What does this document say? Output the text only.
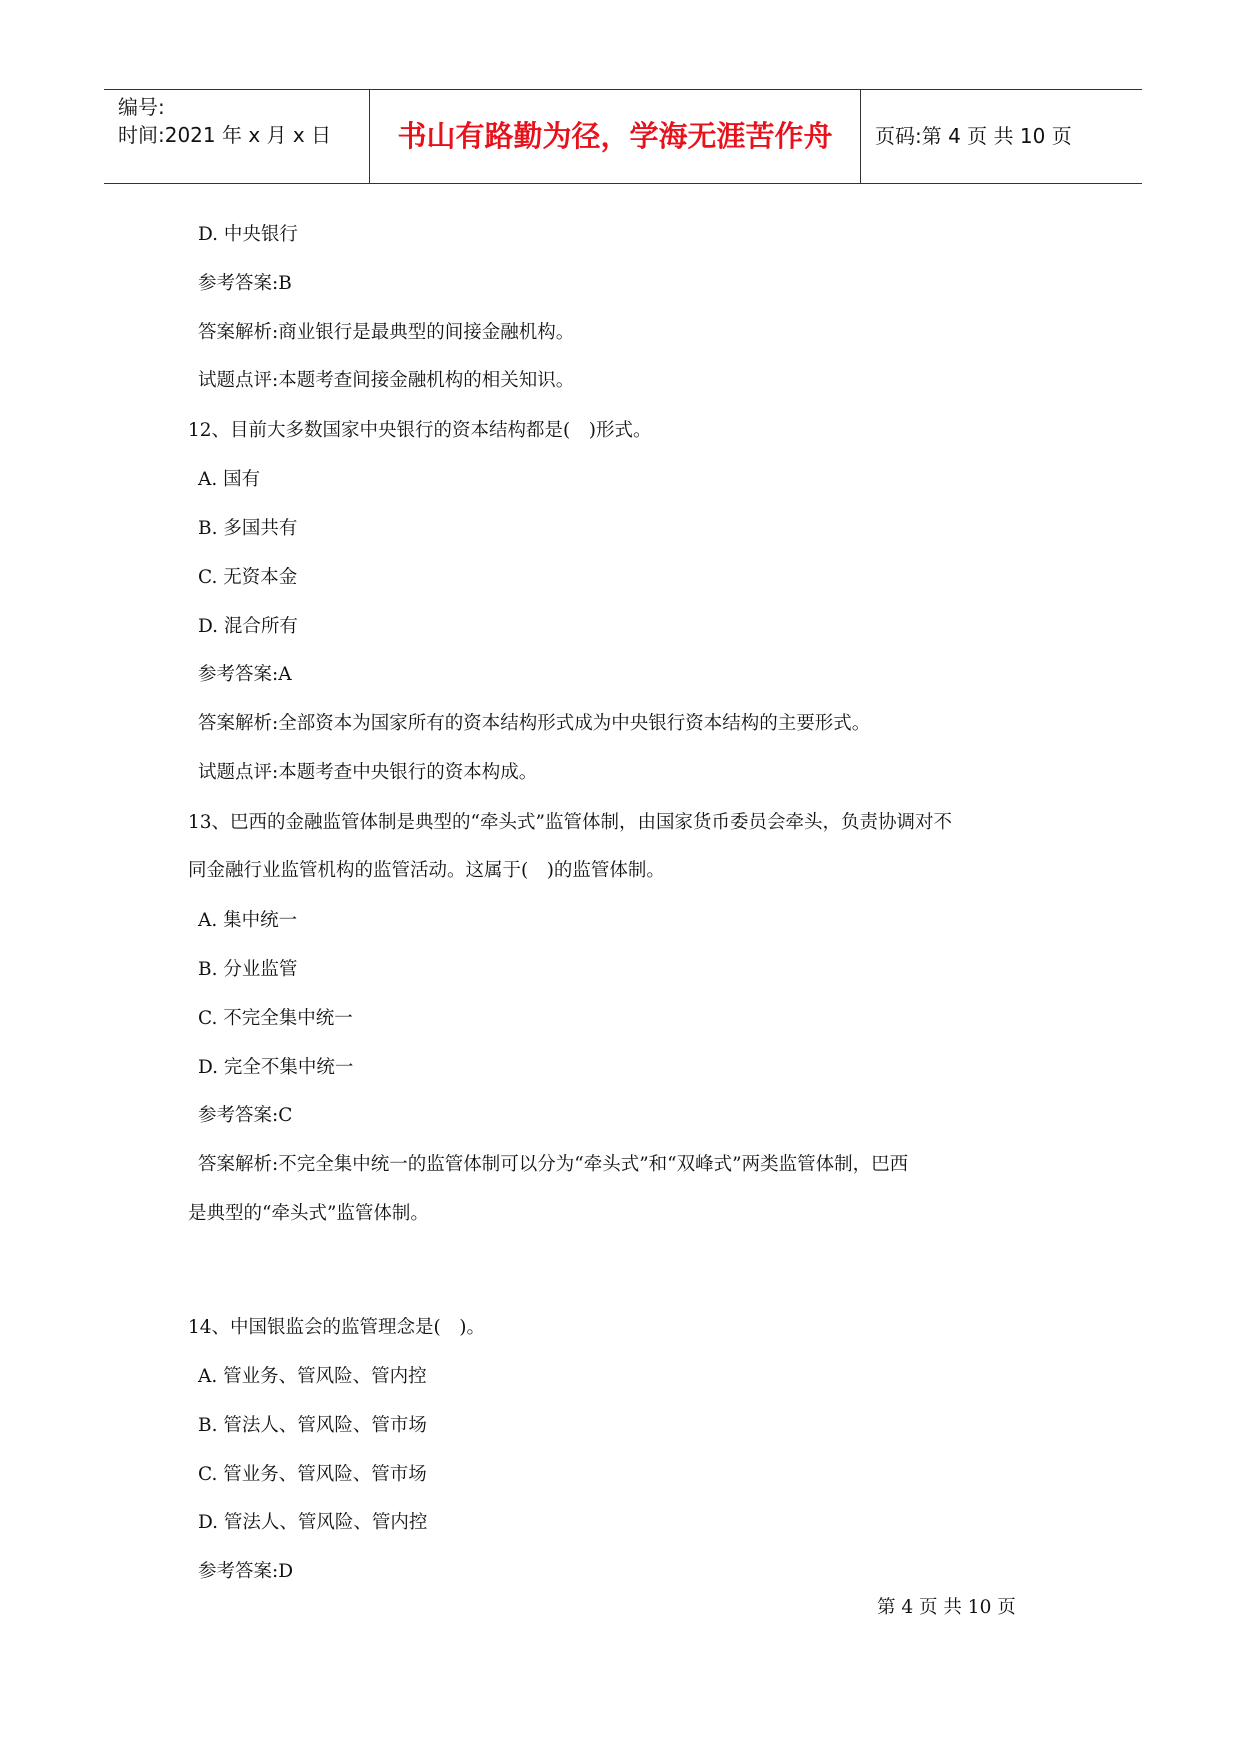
编号:
时间:2021 年 x 月 x 日	书山有路勤为径，学海无涯苦作舟	页码:第 4 页 共 10 页
D. 中央银行
参考答案:B
答案解析:商业银行是最典型的间接金融机构。
试题点评:本题考查间接金融机构的相关知识。
12、目前大多数国家中央银行的资本结构都是(　)形式。
A. 国有
B. 多国共有
C. 无资本金
D. 混合所有
参考答案:A
答案解析:全部资本为国家所有的资本结构形式成为中央银行资本结构的主要形式。
试题点评:本题考查中央银行的资本构成。
13、巴西的金融监管体制是典型的“牵头式”监管体制，由国家货币委员会牵头，负责协调对不
同金融行业监管机构的监管活动。这属于(　)的监管体制。
A. 集中统一
B. 分业监管
C. 不完全集中统一
D. 完全不集中统一
参考答案:C
答案解析:不完全集中统一的监管体制可以分为“牵头式”和“双峰式”两类监管体制，巴西
是典型的“牵头式”监管体制。
14、中国银监会的监管理念是(　)。
A. 管业务、管风险、管内控
B. 管法人、管风险、管市场
C. 管业务、管风险、管市场
D. 管法人、管风险、管内控
参考答案:D
第 4 页 共 10 页
